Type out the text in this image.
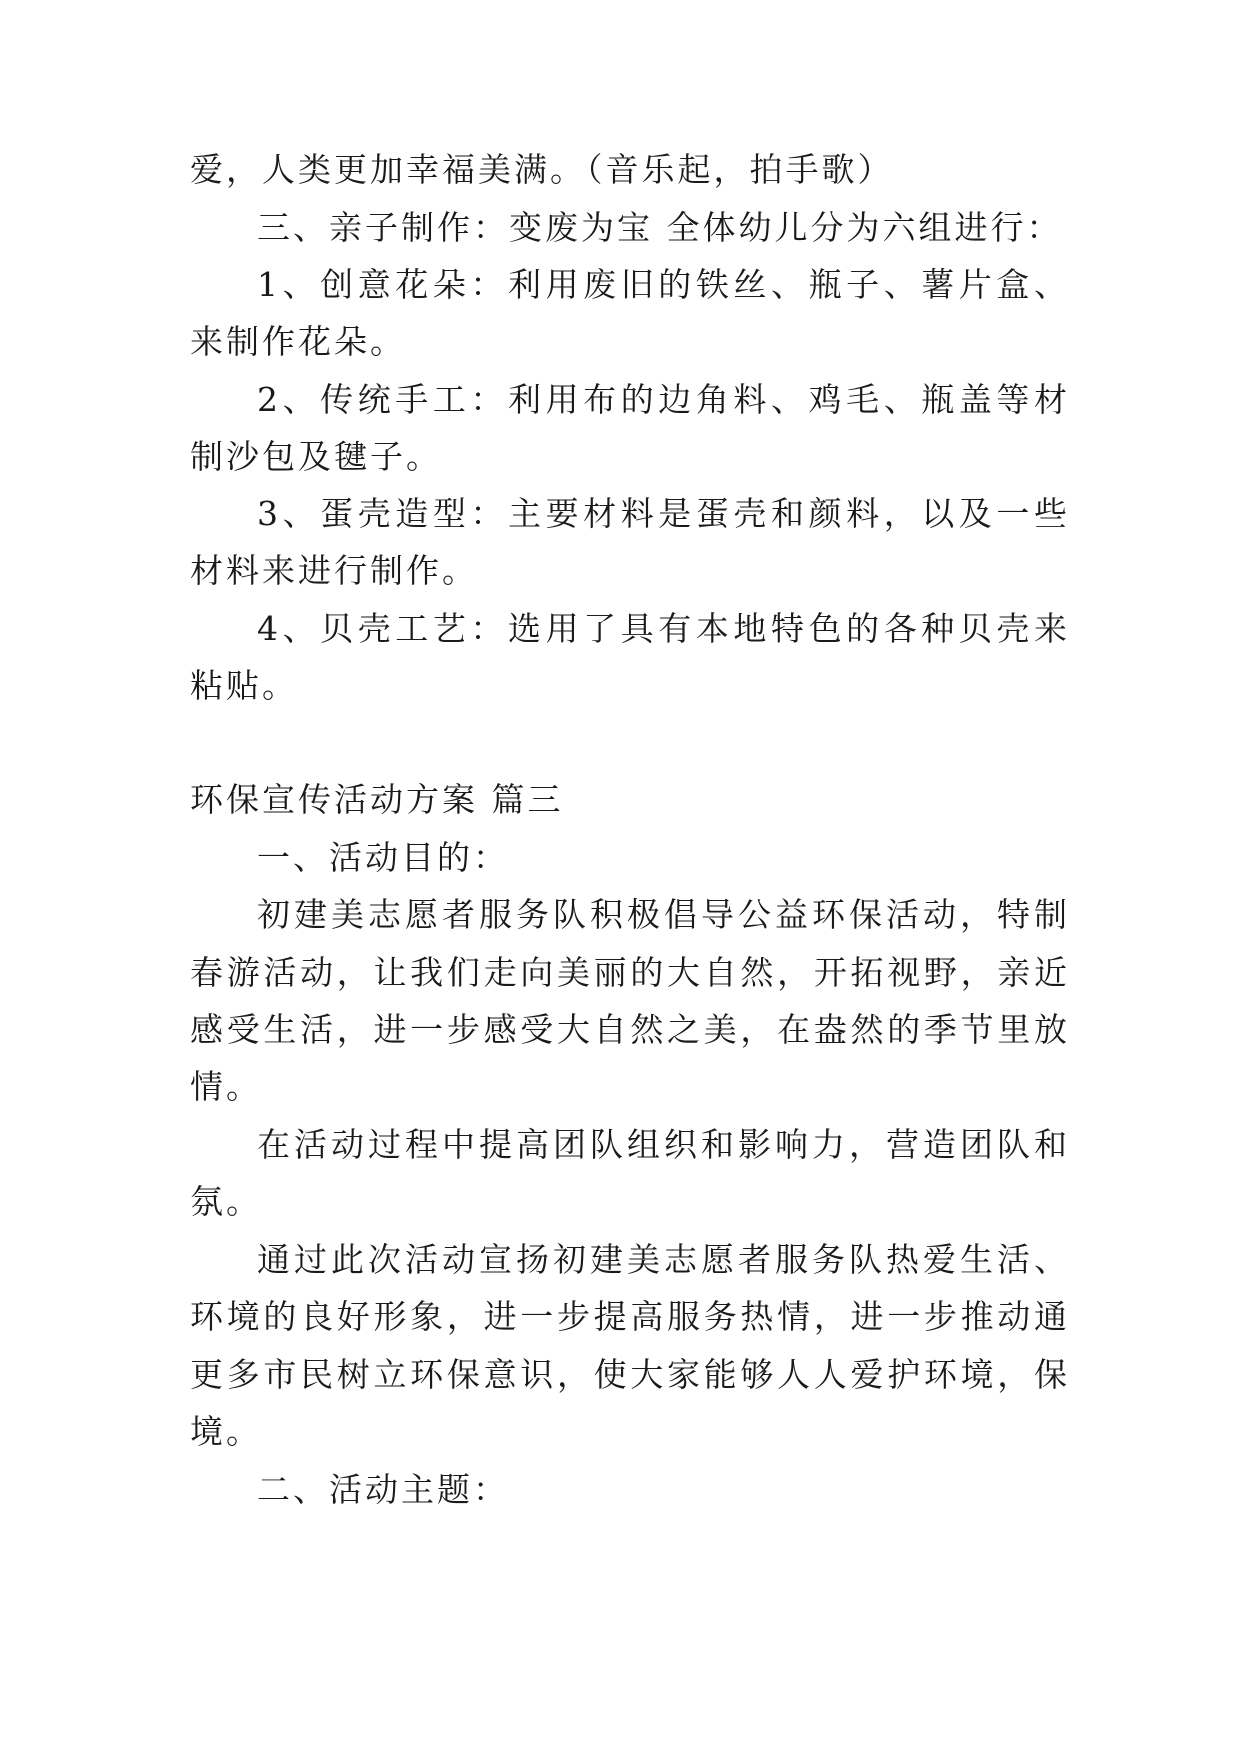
爱，人类更加幸福美满。（音乐起，拍手歌）
三、亲子制作：变废为宝 全体幼儿分为六组进行：
1、创意花朵：利用废旧的铁丝、瓶子、薯片盒、
来制作花朵。
2、传统手工：利用布的边角料、鸡毛、瓶盖等材
制沙包及毽子。
3、蛋壳造型：主要材料是蛋壳和颜料，以及一些
材料来进行制作。
4、贝壳工艺：选用了具有本地特色的各种贝壳来
粘贴。
环保宣传活动方案 篇三
一、活动目的：
初建美志愿者服务队积极倡导公益环保活动，特制
春游活动，让我们走向美丽的大自然，开拓视野，亲近
感受生活，进一步感受大自然之美，在盎然的季节里放
情。
在活动过程中提高团队组织和影响力，营造团队和
氛。
通过此次活动宣扬初建美志愿者服务队热爱生活、
环境的良好形象，进一步提高服务热情，进一步推动通
更多市民树立环保意识，使大家能够人人爱护环境，保
境。
二、活动主题：
